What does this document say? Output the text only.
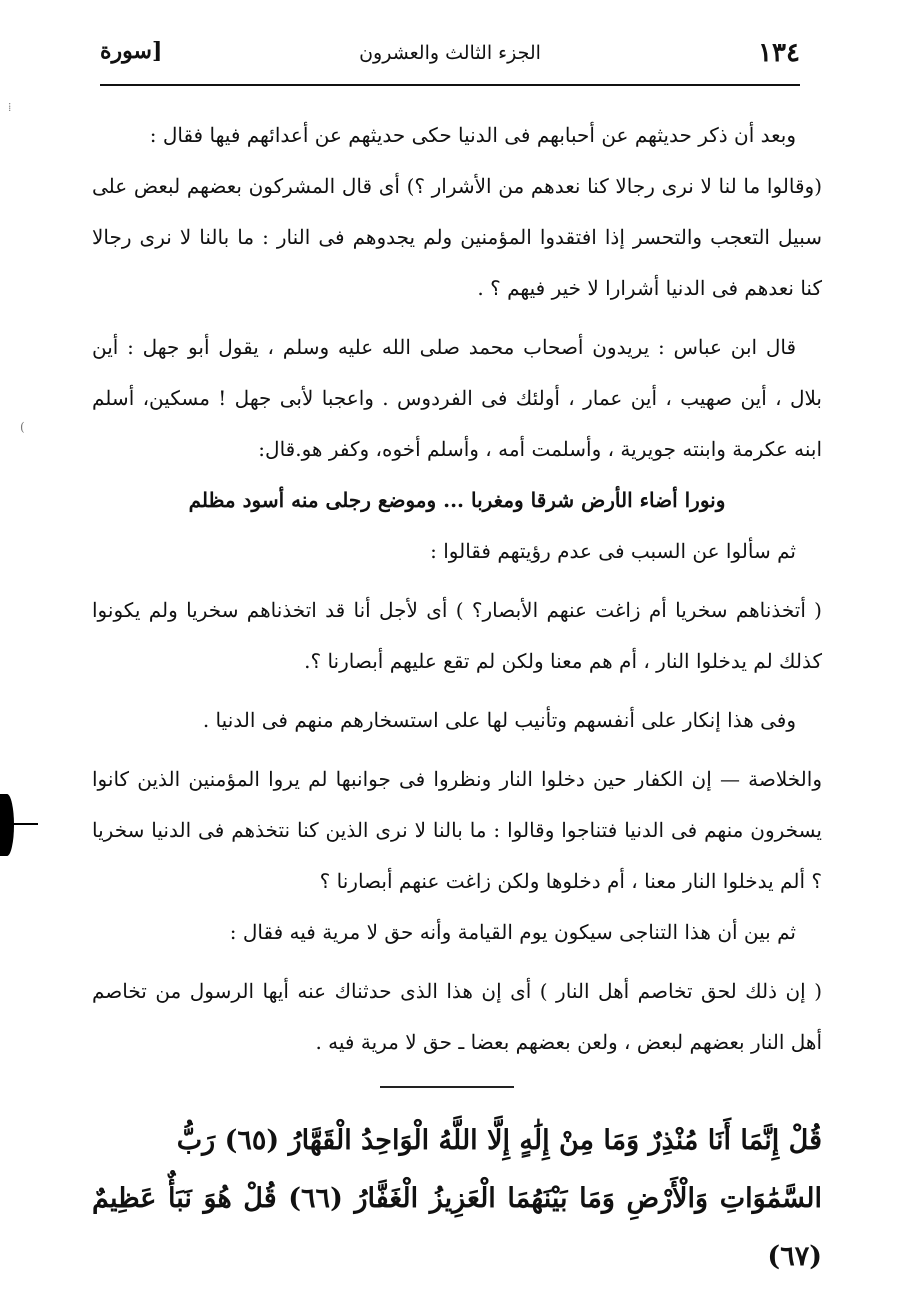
١٣٤
الجزء الثالث والعشرون
[سورة

وبعد أن ذكر حديثهم عن أحبابهم فى الدنيا حكى حديثهم عن أعدائهم فيها فقال :

(وقالوا ما لنا لا نرى رجالا كنا نعدهم من الأشرار ؟) أى قال المشركون بعضهم لبعض على سبيل التعجب والتحسر إذا افتقدوا المؤمنين ولم يجدوهم فى النار : ما بالنا لا نرى رجالا كنا نعدهم فى الدنيا أشرارا لا خير فيهم ؟ .

قال ابن عباس : يريدون أصحاب محمد صلى الله عليه وسلم ، يقول أبو جهل : أين بلال ، أين صهيب ، أين عمار ، أولئك فى الفردوس . واعجبا لأبى جهل ! مسكين، أسلم ابنه عكرمة وابنته جويرية ، وأسلمت أمه ، وأسلم أخوه، وكفر هو.قال:

ونورا أضاء الأرض شرقا ومغربا ... وموضع رجلى منه أسود مظلم

ثم سألوا عن السبب فى عدم رؤيتهم فقالوا :

( أتخذناهم سخريا أم زاغت عنهم الأبصار؟ ) أى لأجل أنا قد اتخذناهم سخريا ولم يكونوا كذلك لم يدخلوا النار ، أم هم معنا ولكن لم تقع عليهم أبصارنا ؟.

وفى هذا إنكار على أنفسهم وتأنيب لها على استسخارهم منهم فى الدنيا .

والخلاصة — إن الكفار حين دخلوا النار ونظروا فى جوانبها لم يروا المؤمنين الذين كانوا يسخرون منهم فى الدنيا فتناجوا وقالوا : ما بالنا لا نرى الذين كنا نتخذهم فى الدنيا سخريا ؟ ألم يدخلوا النار معنا ، أم دخلوها ولكن زاغت عنهم أبصارنا ؟

ثم بين أن هذا التناجى سيكون يوم القيامة وأنه حق لا مرية فيه فقال :

( إن ذلك لحق تخاصم أهل النار ) أى إن هذا الذى حدثناك عنه أيها الرسول من تخاصم أهل النار بعضهم لبعض ، ولعن بعضهم بعضا ـ حق لا مرية فيه .

قُلْ إِنَّمَا أَنَا مُنْذِرٌ وَمَا مِنْ إِلَٰهٍ إِلَّا اللَّهُ الْوَاحِدُ الْقَهَّارُ (٦٥) رَبُّ

السَّمَٰوَاتِ وَالْأَرْضِ وَمَا بَيْنَهُمَا الْعَزِيزُ الْغَفَّارُ (٦٦) قُلْ هُوَ نَبَأٌ عَظِيمٌ (٦٧)

⁞
(
